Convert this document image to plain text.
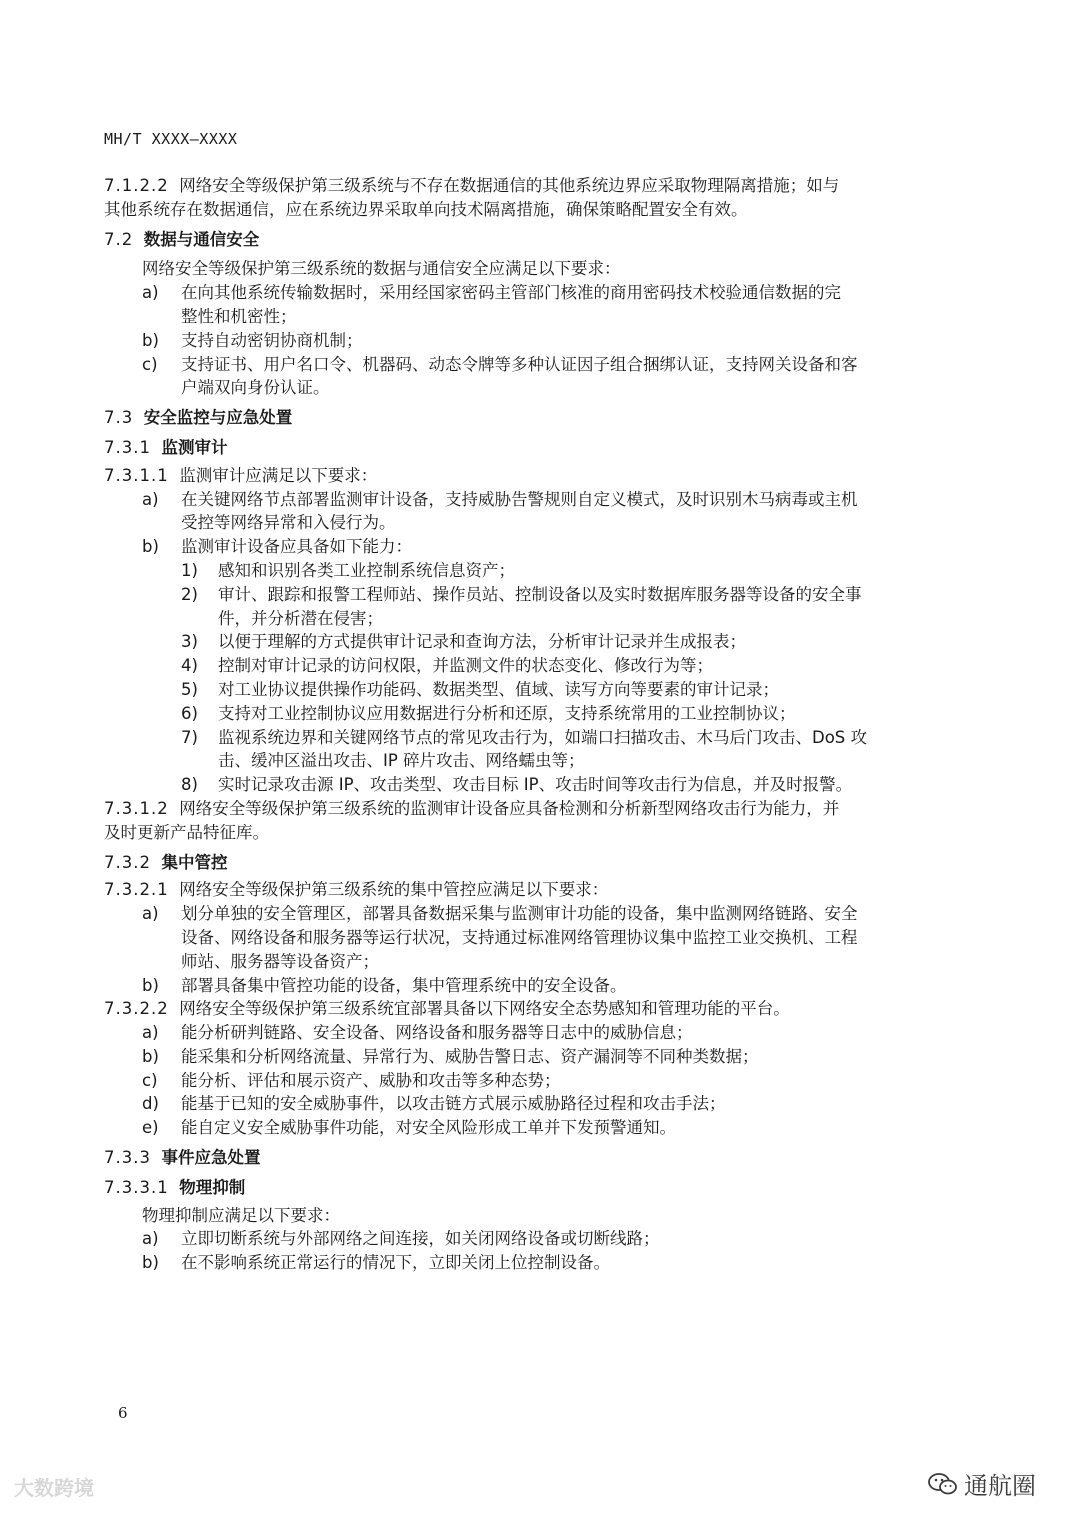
MH/T XXXX—XXXX
7.1.2.2 网络安全等级保护第三级系统与不存在数据通信的其他系统边界应采取物理隔离措施；如与
其他系统存在数据通信，应在系统边界采取单向技术隔离措施，确保策略配置安全有效。
7.2 数据与通信安全
网络安全等级保护第三级系统的数据与通信安全应满足以下要求：
a) 在向其他系统传输数据时，采用经国家密码主管部门核准的商用密码技术校验通信数据的完
整性和机密性；
b) 支持自动密钥协商机制；
c) 支持证书、用户名口令、机器码、动态令牌等多种认证因子组合捆绑认证，支持网关设备和客
户端双向身份认证。
7.3 安全监控与应急处置
7.3.1 监测审计
7.3.1.1 监测审计应满足以下要求：
a) 在关键网络节点部署监测审计设备，支持威胁告警规则自定义模式，及时识别木马病毒或主机
受控等网络异常和入侵行为。
b) 监测审计设备应具备如下能力：
1) 感知和识别各类工业控制系统信息资产；
2) 审计、跟踪和报警工程师站、操作员站、控制设备以及实时数据库服务器等设备的安全事
件，并分析潜在侵害；
3) 以便于理解的方式提供审计记录和查询方法，分析审计记录并生成报表；
4) 控制对审计记录的访问权限，并监测文件的状态变化、修改行为等；
5) 对工业协议提供操作功能码、数据类型、值域、读写方向等要素的审计记录；
6) 支持对工业控制协议应用数据进行分析和还原，支持系统常用的工业控制协议；
7) 监视系统边界和关键网络节点的常见攻击行为，如端口扫描攻击、木马后门攻击、DoS 攻
击、缓冲区溢出攻击、IP 碎片攻击、网络蠕虫等；
8) 实时记录攻击源 IP、攻击类型、攻击目标 IP、攻击时间等攻击行为信息，并及时报警。
7.3.1.2 网络安全等级保护第三级系统的监测审计设备应具备检测和分析新型网络攻击行为能力，并
及时更新产品特征库。
7.3.2 集中管控
7.3.2.1 网络安全等级保护第三级系统的集中管控应满足以下要求：
a) 划分单独的安全管理区，部署具备数据采集与监测审计功能的设备，集中监测网络链路、安全
设备、网络设备和服务器等运行状况，支持通过标准网络管理协议集中监控工业交换机、工程
师站、服务器等设备资产；
b) 部署具备集中管控功能的设备，集中管理系统中的安全设备。
7.3.2.2 网络安全等级保护第三级系统宜部署具备以下网络安全态势感知和管理功能的平台。
a) 能分析研判链路、安全设备、网络设备和服务器等日志中的威胁信息；
b) 能采集和分析网络流量、异常行为、威胁告警日志、资产漏洞等不同种类数据；
c) 能分析、评估和展示资产、威胁和攻击等多种态势；
d) 能基于已知的安全威胁事件，以攻击链方式展示威胁路径过程和攻击手法；
e) 能自定义安全威胁事件功能，对安全风险形成工单并下发预警通知。
7.3.3 事件应急处置
7.3.3.1 物理抑制
物理抑制应满足以下要求：
a) 立即切断系统与外部网络之间连接，如关闭网络设备或切断线路；
b) 在不影响系统正常运行的情况下，立即关闭上位控制设备。
6
大数跨境	通航圈
